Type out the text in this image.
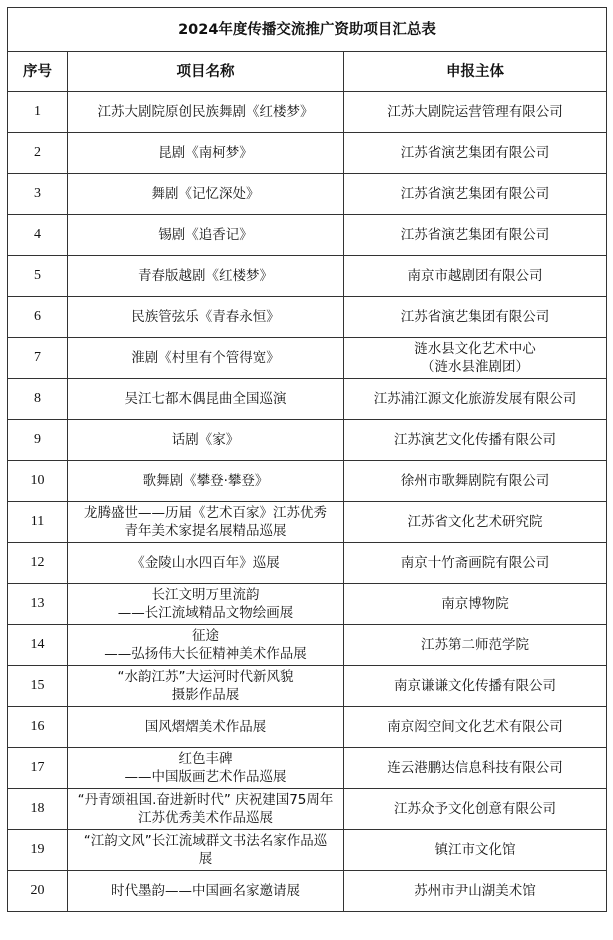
2024年度传播交流推广资助项目汇总表		
序号	项目名称	申报主体
1	江苏大剧院原创民族舞剧《红楼梦》	江苏大剧院运营管理有限公司

2	昆剧《南柯梦》	江苏省演艺集团有限公司

3	舞剧《记忆深处》	江苏省演艺集团有限公司

4	锡剧《追香记》	江苏省演艺集团有限公司

5	青春版越剧《红楼梦》	南京市越剧团有限公司

6	民族管弦乐《青春永恒》	江苏省演艺集团有限公司

7	淮剧《村里有个管得宽》	涟水县文化艺术中心
（涟水县淮剧团）

8	吴江七都木偶昆曲全国巡演	江苏浦江源文化旅游发展有限公司

9	话剧《家》	江苏演艺文化传播有限公司

10	歌舞剧《攀登·攀登》	徐州市歌舞剧院有限公司

11	龙腾盛世——历届《艺术百家》江苏优秀
青年美术家提名展精品巡展	江苏省文化艺术研究院

12	《金陵山水四百年》巡展	南京十竹斋画院有限公司

13	长江文明万里流韵
——长江流域精品文物绘画展	南京博物院

14	征途
——弘扬伟大长征精神美术作品展	江苏第二师范学院

15	“水韵江苏”大运河时代新风貌
摄影作品展	南京谦谦文化传播有限公司

16	国风熠熠美术作品展	南京闳空间文化艺术有限公司

17	红色丰碑
——中国版画艺术作品巡展	连云港鹏达信息科技有限公司

18	“丹青颂祖国.奋进新时代” 庆祝建国75周年
江苏优秀美术作品巡展	江苏众予文化创意有限公司

19	“江韵文风”长江流域群文书法名家作品巡
展	镇江市文化馆

20	时代墨韵——中国画名家邀请展	苏州市尹山湖美术馆
